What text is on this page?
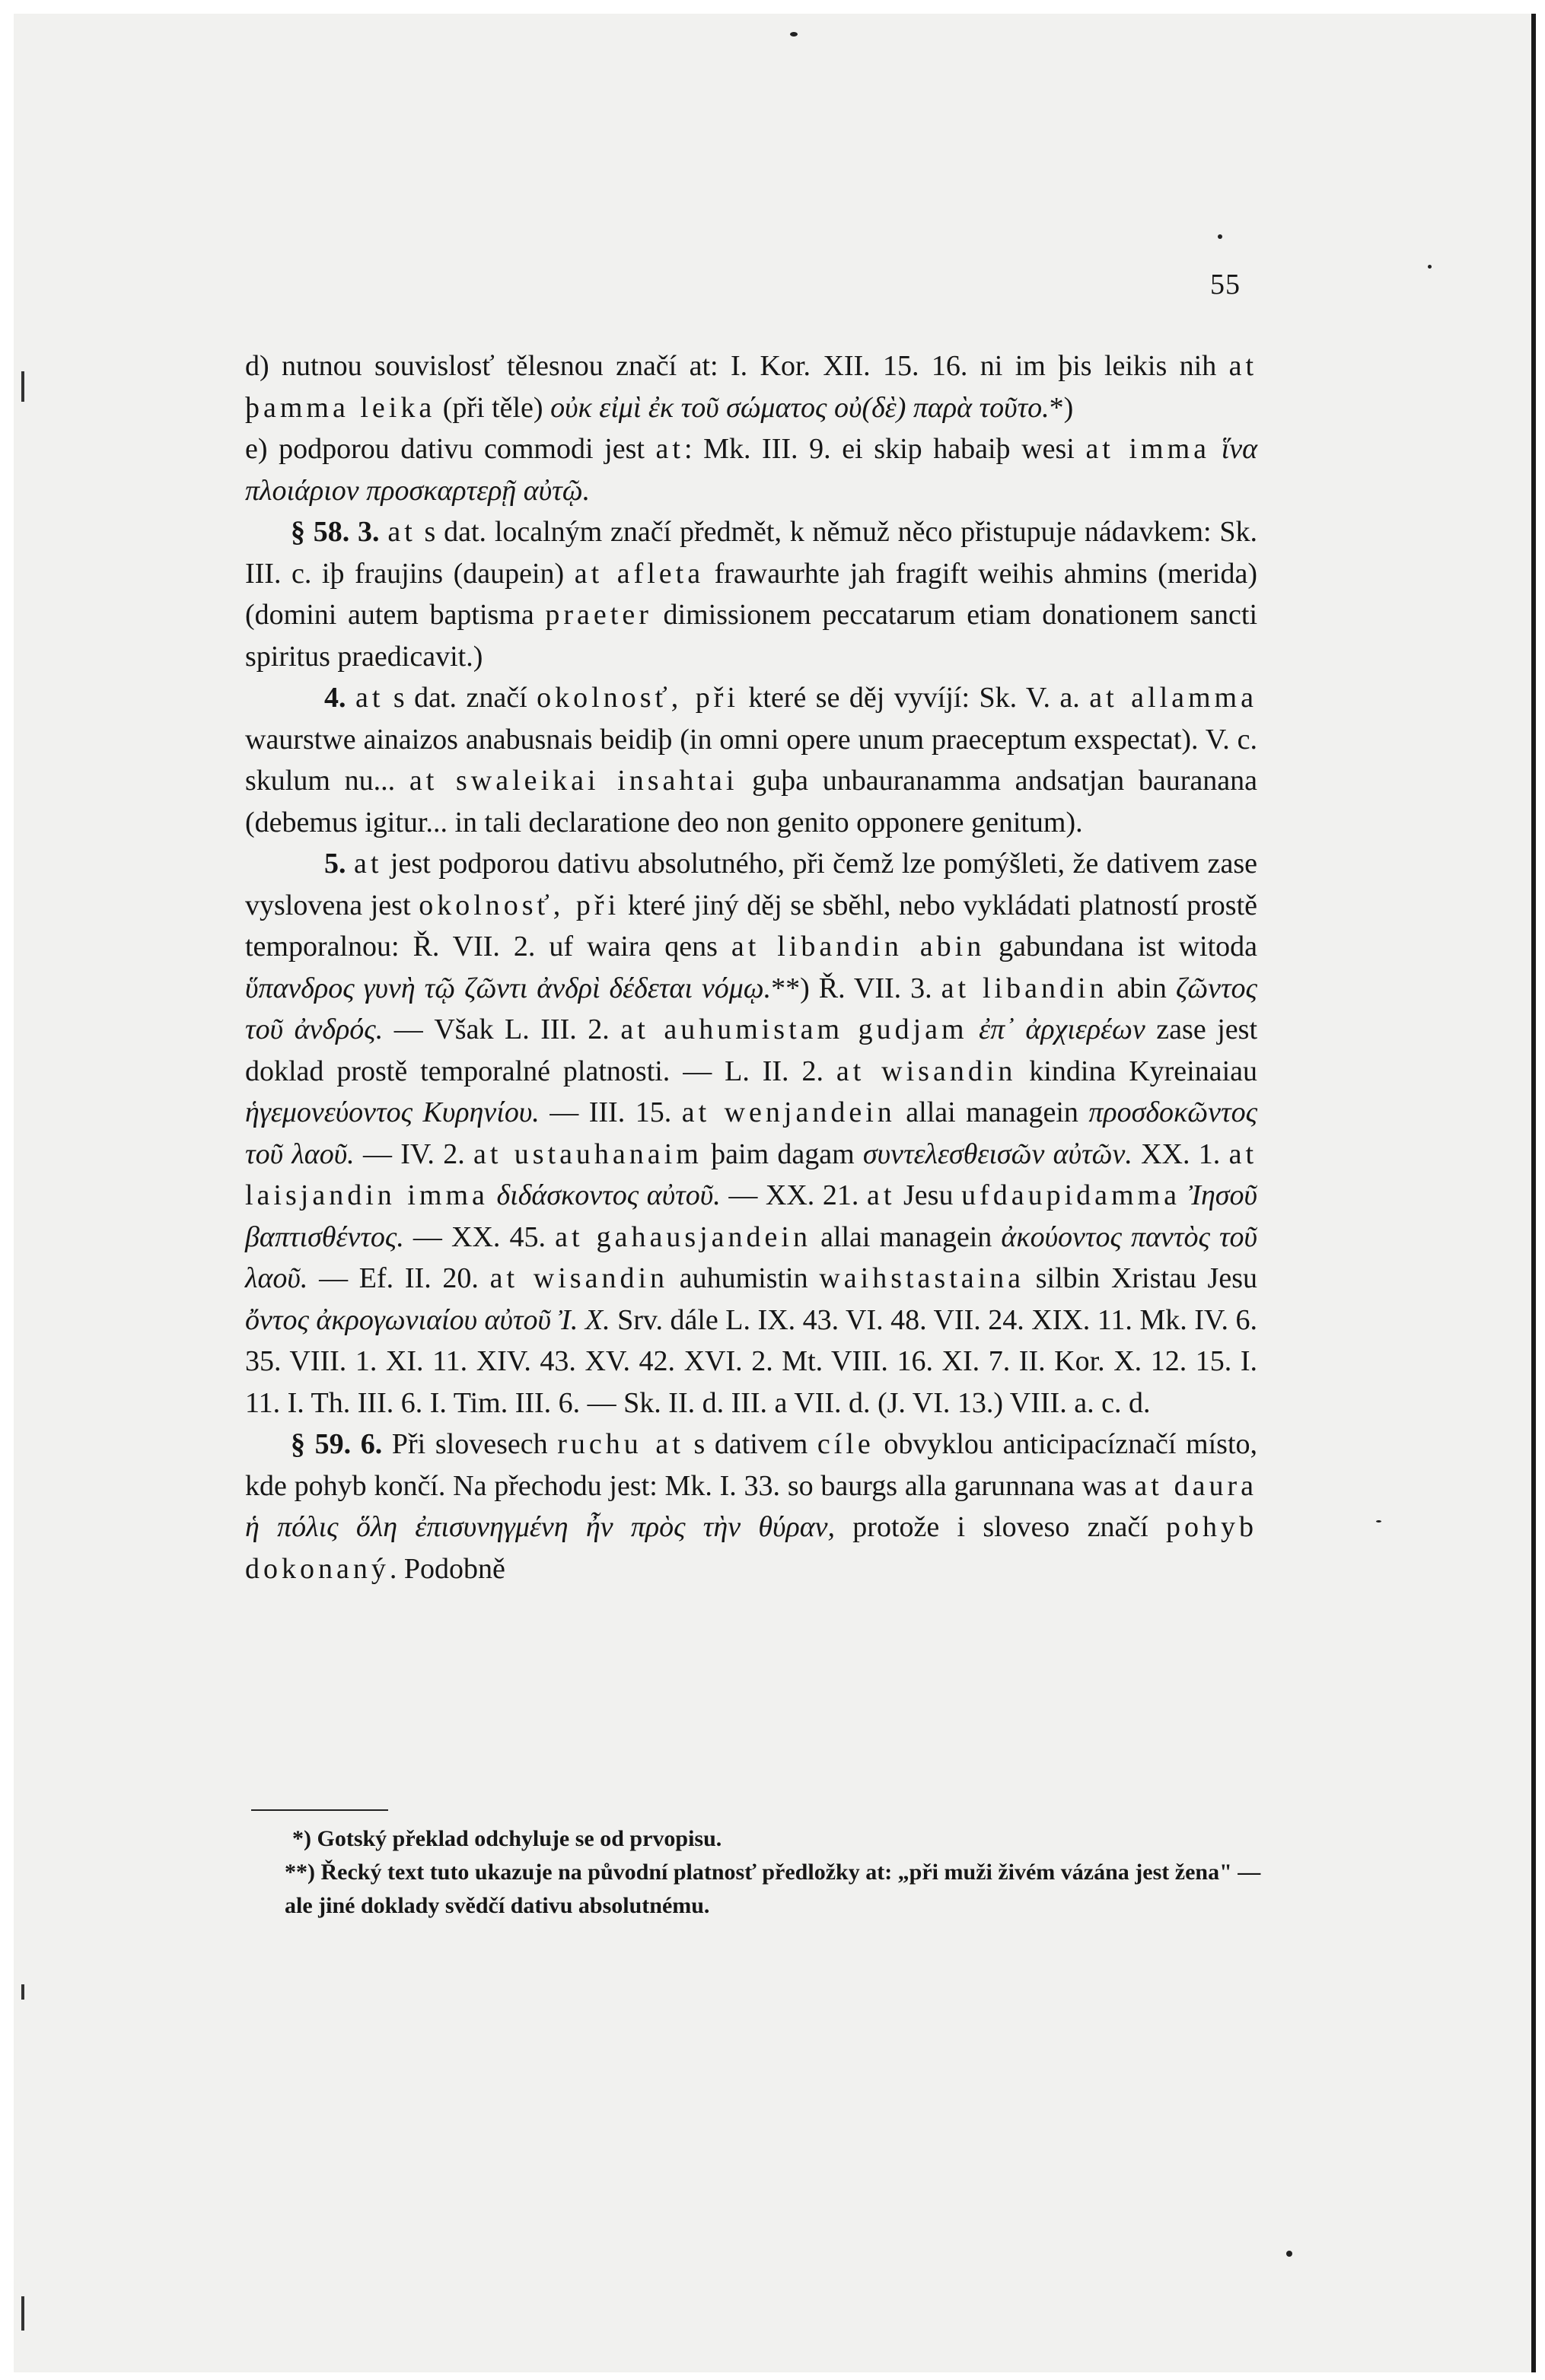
55

d) nutnou souvislosť tělesnou značí at: I. Kor. XII. 15. 16. ni im þis leikis nih at þamma leika (při těle) οὐκ εἰμὶ ἐκ τοῦ σώματος οὐ(δὲ) παρὰ τοῦτο.*)

e) podporou dativu commodi jest at: Mk. III. 9. ei skip habaiþ wesi at imma ἵνα πλοιάριον προσκαρτερῇ αὐτῷ.

§ 58. 3. at s dat. localným značí předmět, k němuž něco přistupuje nádavkem: Sk. III. c. iþ fraujins (daupein) at afleta frawaurhte jah fragift weihis ahmins (merida) (domini autem baptisma praeter dimissionem peccatarum etiam donationem sancti spiritus praedicavit.)

4. at s dat. značí okolnosť, při které se děj vyvíjí: Sk. V. a. at allamma waurstwe ainaizos anabusnais beidiþ (in omni opere unum praeceptum exspectat). V. c. skulum nu... at swaleikai insahtai guþa unbauranamma andsatjan bauranana (debemus igitur... in tali declaratione deo non genito opponere genitum).

5. at jest podporou dativu absolutného, při čemž lze pomýšleti, že dativem zase vyslovena jest okolnosť, při které jiný děj se sběhl, nebo vykládati platností prostě temporalnou: Ř. VII. 2. uf waira qens at libandin abin gabundana ist witoda ὕπανδρος γυνὴ τῷ ζῶντι ἀνδρὶ δέδεται νόμῳ.**) Ř. VII. 3. at libandin abin ζῶντος τοῦ ἀνδρός. — Však L. III. 2. at auhumistam gudjam ἐπ᾽ ἀρχιερέων zase jest doklad prostě temporalné platnosti. — L. II. 2. at wisandin kindina Kyreinaiau ἡγεμονεύοντος Κυρηνίου. — III. 15. at wenjandein allai managein προσδοκῶντος τοῦ λαοῦ. — IV. 2. at ustauhanaim þaim dagam συντελεσθεισῶν αὐτῶν. XX. 1. at laisjandin imma διδάσκοντος αὐτοῦ. — XX. 21. at Jesu ufdaupidamma Ἰησοῦ βαπτισθέντος. — XX. 45. at gahausjandein allai managein ἀκούοντος παντὸς τοῦ λαοῦ. — Ef. II. 20. at wisandin auhumistin waihstastaina silbin Xristau Jesu ὄντος ἀκρογωνιαίου αὐτοῦ Ἰ. Χ. Srv. dále L. IX. 43. VI. 48. VII. 24. XIX. 11. Mk. IV. 6. 35. VIII. 1. XI. 11. XIV. 43. XV. 42. XVI. 2. Mt. VIII. 16. XI. 7. II. Kor. X. 12. 15. I. 11. I. Th. III. 6. I. Tim. III. 6. — Sk. II. d. III. a VII. d. (J. VI. 13.) VIII. a. c. d.

§ 59. 6. Při slovesech ruchu at s dativem cíle obvyklou anticipacíznačí místo, kde pohyb končí. Na přechodu jest: Mk. I. 33. so baurgs alla garunnana was at daura ἡ πόλις ὅλη ἐπισυνηγμένη ἦν πρὸς τὴν θύραν, protože i sloveso značí pohyb dokonaný. Podobně

*) Gotský překlad odchyluje se od prvopisu.

**) Řecký text tuto ukazuje na původní platnosť předložky at: „při muži živém vázána jest žena" — ale jiné doklady svědčí dativu absolutnému.
